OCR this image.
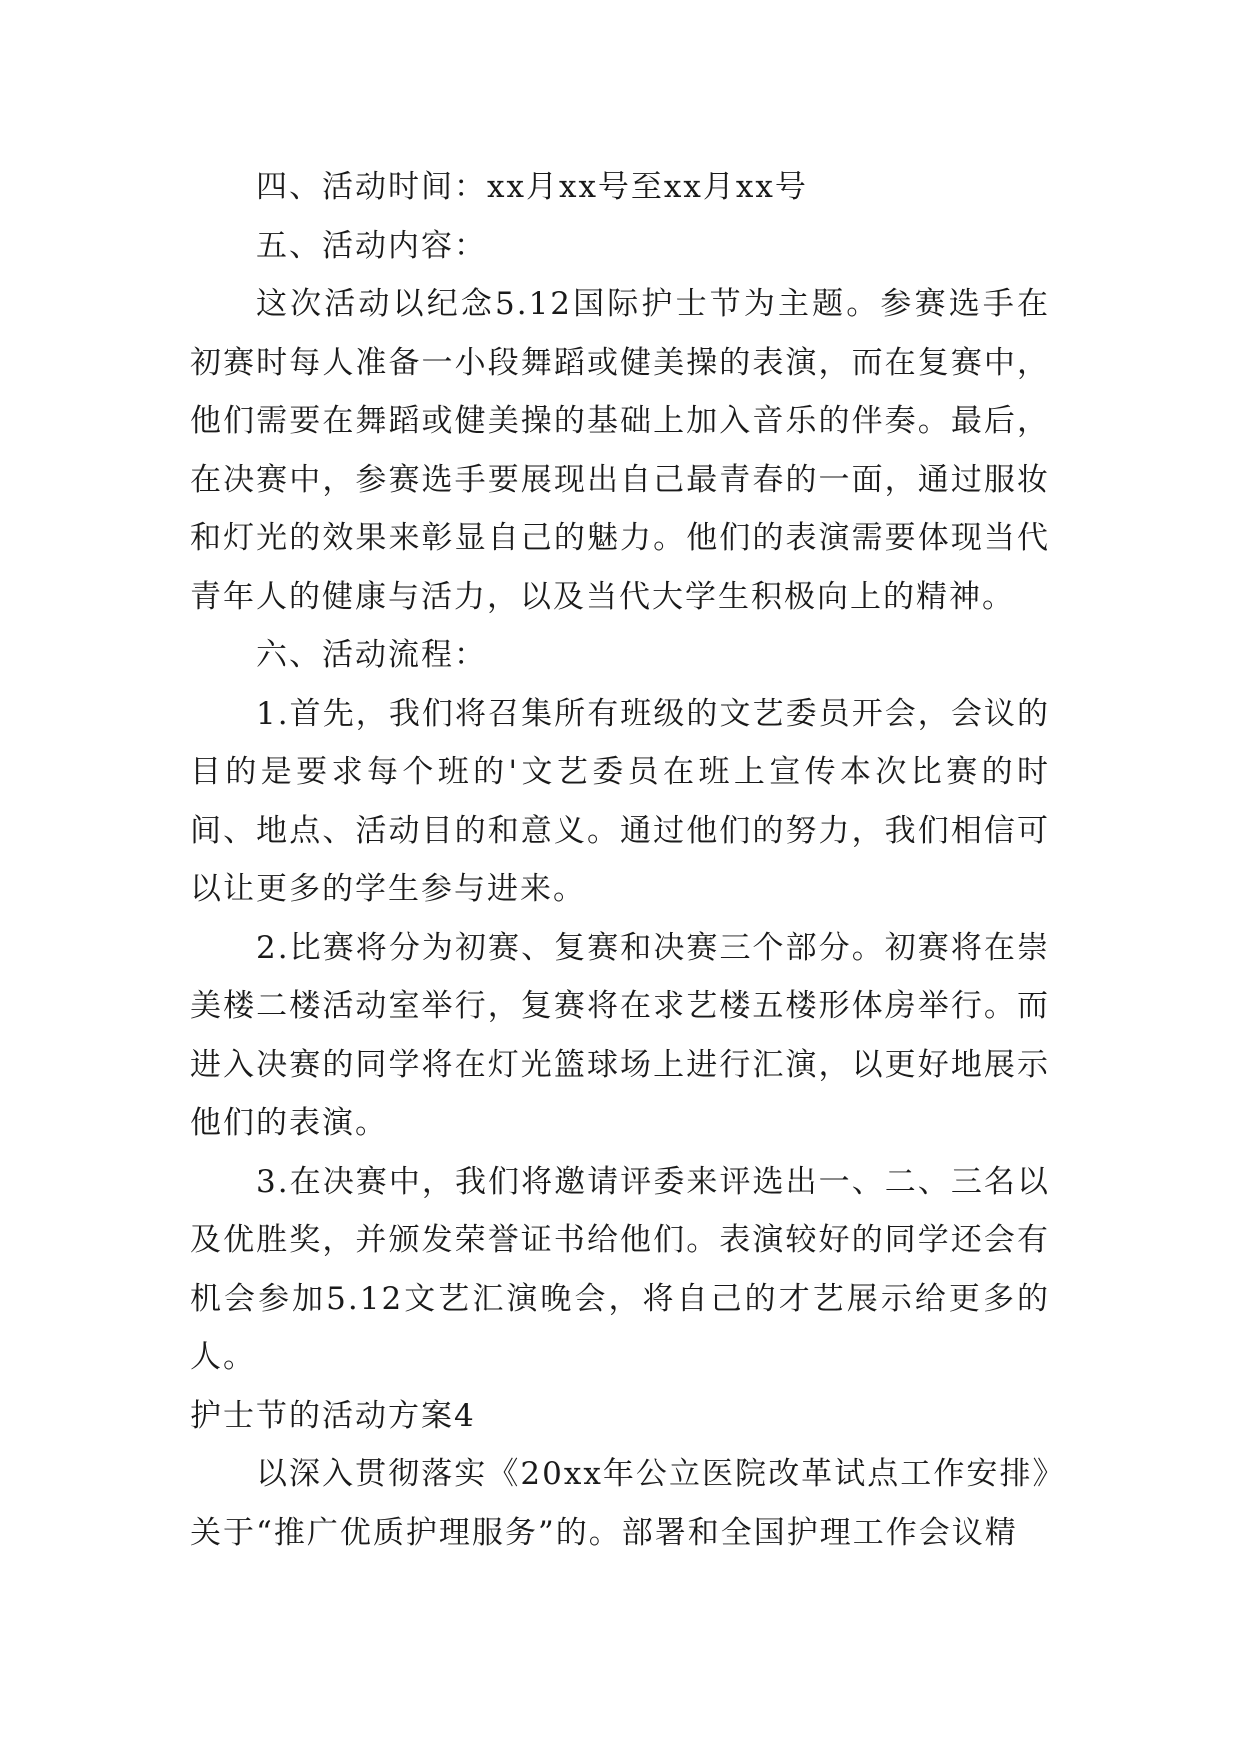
四、活动时间：xx月xx号至xx月xx号

五、活动内容：

这次活动以纪念5.12国际护士节为主题。参赛选手在初赛时每人准备一小段舞蹈或健美操的表演，而在复赛中，他们需要在舞蹈或健美操的基础上加入音乐的伴奏。最后，在决赛中，参赛选手要展现出自己最青春的一面，通过服妆和灯光的效果来彰显自己的魅力。他们的表演需要体现当代青年人的健康与活力，以及当代大学生积极向上的精神。

六、活动流程：

1.首先，我们将召集所有班级的文艺委员开会，会议的目的是要求每个班的'文艺委员在班上宣传本次比赛的时间、地点、活动目的和意义。通过他们的努力，我们相信可以让更多的学生参与进来。

2.比赛将分为初赛、复赛和决赛三个部分。初赛将在崇美楼二楼活动室举行，复赛将在求艺楼五楼形体房举行。而进入决赛的同学将在灯光篮球场上进行汇演，以更好地展示他们的表演。

3.在决赛中，我们将邀请评委来评选出一、二、三名以及优胜奖，并颁发荣誉证书给他们。表演较好的同学还会有机会参加5.12文艺汇演晚会，将自己的才艺展示给更多的人。

护士节的活动方案4

以深入贯彻落实《20xx年公立医院改革试点工作安排》关于“推广优质护理服务”的。部署和全国护理工作会议精
